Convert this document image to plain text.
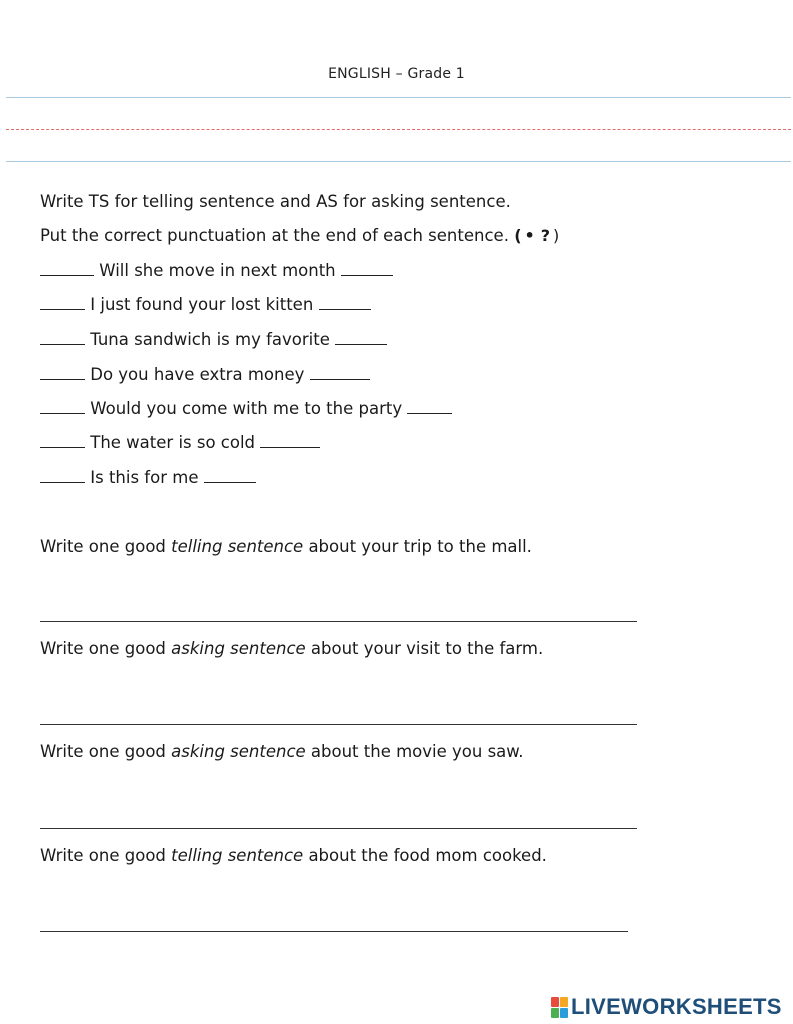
ENGLISH – Grade 1
Write TS for telling sentence and AS for asking sentence.
Put the correct punctuation at the end of each sentence. ( • ? )
Will she move in next month
I just found your lost kitten
Tuna sandwich is my favorite
Do you have extra money
Would you come with me to the party
The water is so cold
Is this for me
Write one good telling sentence about your trip to the mall.
Write one good asking sentence about your visit to the farm.
Write one good asking sentence about the movie you saw.
Write one good telling sentence about the food mom cooked.
LIVEWORKSHEETS
